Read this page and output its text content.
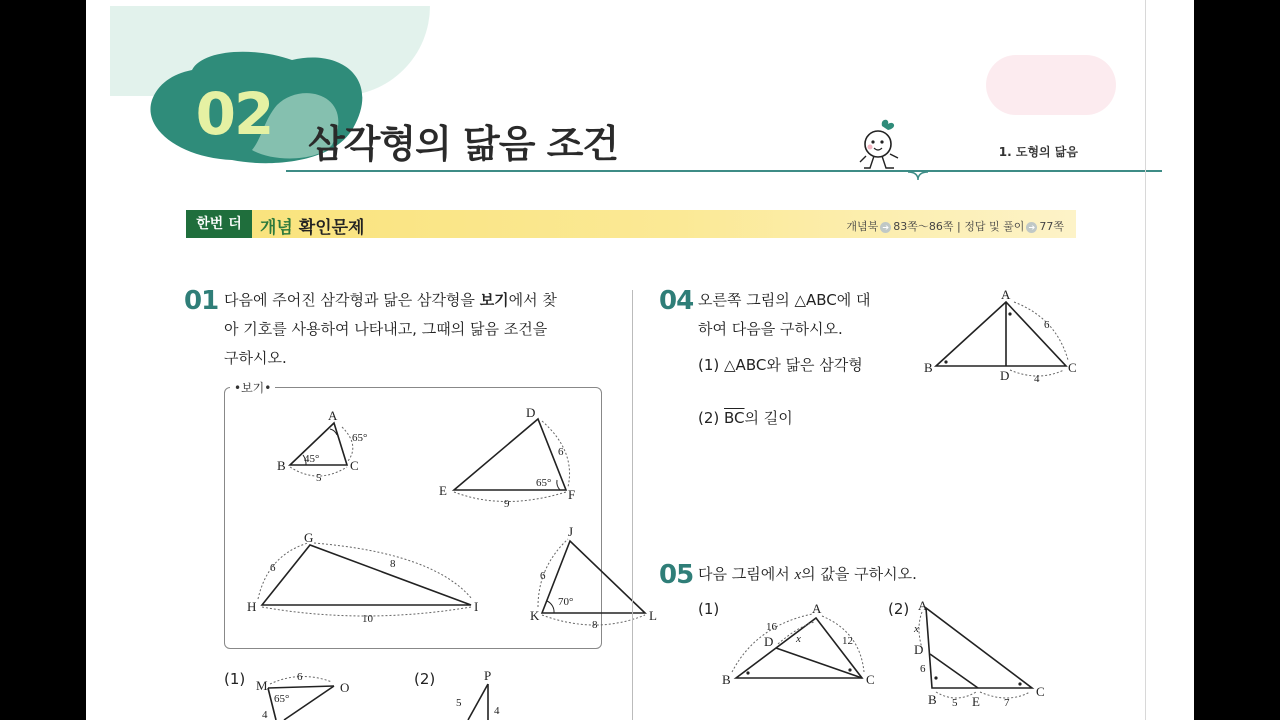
02 삼각형의 닮음 조건	1. 도형의 닮음
한번 더	개념 확인문제	개념북 ➔ 83쪽～86쪽 | 정답 및 풀이 ➔ 77쪽
01 다음에 주어진 삼각형과 닮은 삼각형을 보기에서 찾
아 기호를 사용하여 나타내고, 그때의 닮음 조건을
구하시오.
•보기•
A
B	C
65°
45°
5
D
E	F
6
9
65°
G
H	I
6	8
10
J
K	L
6
8
70°
(1)	(2)
M	O
6
65°
4
P
5
4
04 오른쪽 그림의 △ABC에 대
하여 다음을 구하시오.
(1) △ABC와 닮은 삼각형
(2) $\overline{BC}$의 길이
A
B	C
D
6
4
05 다음 그림에서 x의 값을 구하시오.
(1)	(2)
A
B	C
D
16
12
x
A
B
C
D
E
x
6
5	7
